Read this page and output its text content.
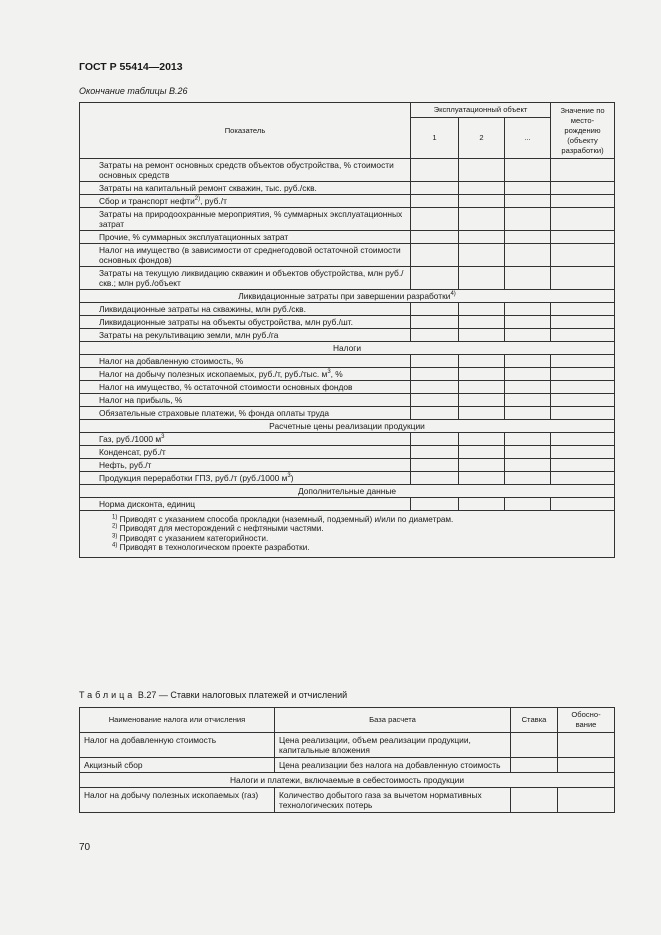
ГОСТ Р 55414—2013
Окончание таблицы В.26
Показатель	Эксплуатационный объект			Значение по место-рождению (объекту разработки)
	1	2	...	
Затраты на ремонт основных средств объектов обустройства, % стоимости основных средств				
Затраты на капитальный ремонт скважин, тыс. руб./скв.				
Сбор и транспорт нефти$^{2)}$, руб./т				
Затраты на природоохранные мероприятия, % суммарных эксплуатационных затрат				
Прочие, % суммарных эксплуатационных затрат				
Налог на имущество (в зависимости от среднегодовой остаточной стоимости основных фондов)				
Затраты на текущую ликвидацию скважин и объектов обустройства, млн руб./скв.; млн руб./объект				
Ликвидационные затраты при завершении разработки$^{4)}$
Ликвидационные затраты на скважины, млн руб./скв.				
Ликвидационные затраты на объекты обустройства, млн руб./шт.				
Затраты на рекультивацию земли, млн руб./га				
Налоги				
Налог на добавленную стоимость, %				
Налог на добычу полезных ископаемых, руб./т, руб./тыс. $м^3$, %				
Налог на имущество, % остаточной стоимости основных фондов				
Налог на прибыль, %				
Обязательные страховые платежи, % фонда оплаты труда				
Расчетные цены реализации продукции				
Газ, руб./1000 $м^3$				
Конденсат, руб./т				
Нефть, руб./т				
Продукция переработки ГПЗ, руб./т (руб./1000 $м^3$)				
Дополнительные данные				
Норма дисконта, единиц				

$^{1)}$ Приводят с указанием способа прокладки (наземный, подземный) и/или по диаметрам.
$^{2)}$ Приводят для месторождений с нефтяными частями.
$^{3)}$ Приводят с указанием категорийности.
$^{4)}$ Приводят в технологическом проекте разработки.				
Таблица В.27 — Ставки налоговых платежей и отчислений
Наименование налога или отчисления	База расчета	Ставка	Обосно-вание
Налог на добавленную стоимость	Цена реализации, объем реализации продукции, капитальные вложения		
Акцизный сбор	Цена реализации без налога на добавленную стоимость		
Налоги и платежи, включаемые в себестоимость продукции			
Налог на добычу полезных ископаемых (газ)	Количество добытого газа за вычетом нормативных технологических потерь		
70
